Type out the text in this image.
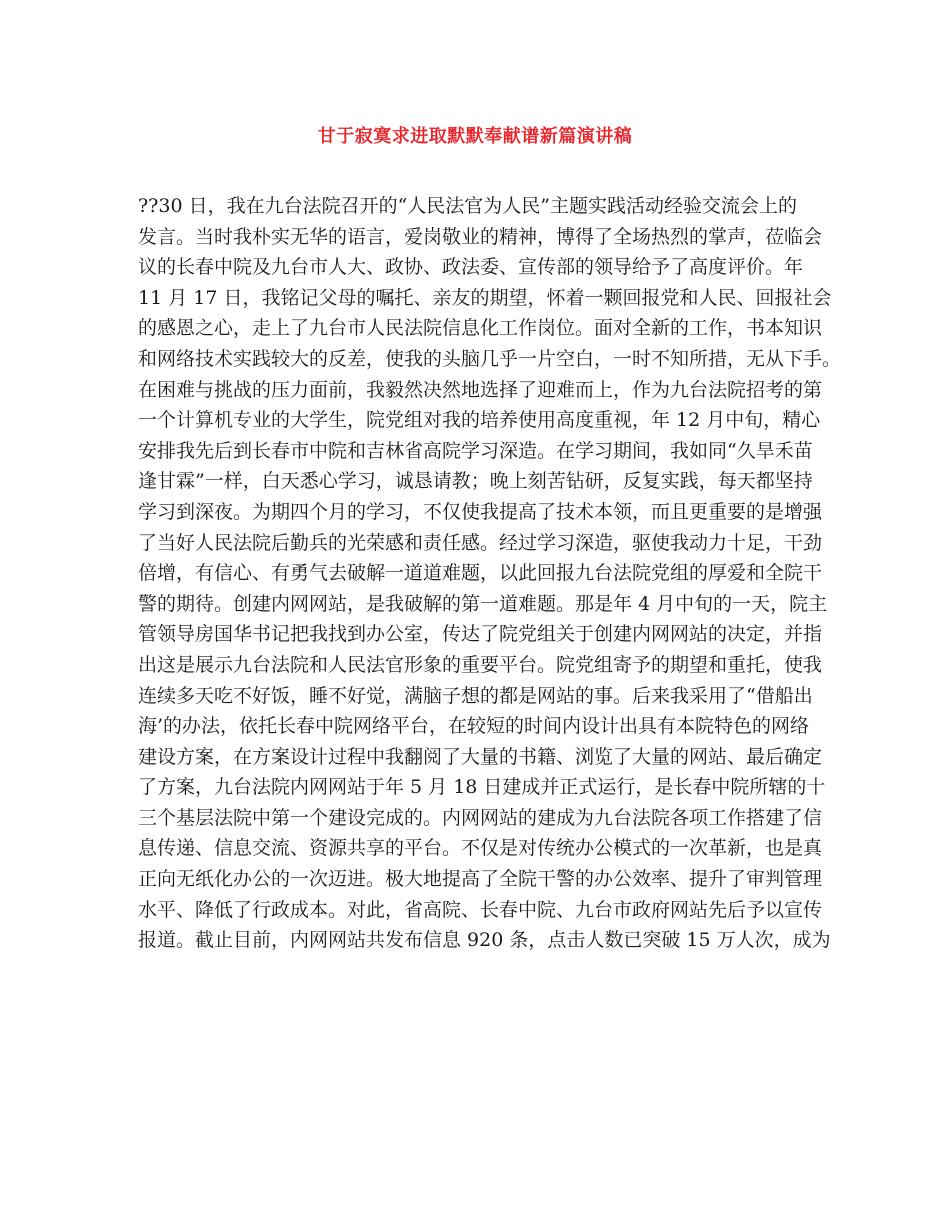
甘于寂寞求进取默默奉献谱新篇演讲稿
??30 日，我在九台法院召开的“人民法官为人民”主题实践活动经验交流会上的
发言。当时我朴实无华的语言，爱岗敬业的精神，博得了全场热烈的掌声，莅临会
议的长春中院及九台市人大、政协、政法委、宣传部的领导给予了高度评价。年
11 月 17 日，我铭记父母的嘱托、亲友的期望，怀着一颗回报党和人民、回报社会
的感恩之心，走上了九台市人民法院信息化工作岗位。面对全新的工作，书本知识
和网络技术实践较大的反差，使我的头脑几乎一片空白，一时不知所措，无从下手。
在困难与挑战的压力面前，我毅然决然地选择了迎难而上，作为九台法院招考的第
一个计算机专业的大学生，院党组对我的培养使用高度重视，年 12 月中旬，精心
安排我先后到长春市中院和吉林省高院学习深造。在学习期间，我如同“久旱禾苗
逢甘霖”一样，白天悉心学习，诚恳请教；晚上刻苦钻研，反复实践，每天都坚持
学习到深夜。为期四个月的学习，不仅使我提高了技术本领，而且更重要的是增强
了当好人民法院后勤兵的光荣感和责任感。经过学习深造，驱使我动力十足，干劲
倍增，有信心、有勇气去破解一道道难题，以此回报九台法院党组的厚爱和全院干
警的期待。创建内网网站，是我破解的第一道难题。那是年 4 月中旬的一天，院主
管领导房国华书记把我找到办公室，传达了院党组关于创建内网网站的决定，并指
出这是展示九台法院和人民法官形象的重要平台。院党组寄予的期望和重托，使我
连续多天吃不好饭，睡不好觉，满脑子想的都是网站的事。后来我采用了“借船出
海’的办法，依托长春中院网络平台，在较短的时间内设计出具有本院特色的网络
建设方案，在方案设计过程中我翻阅了大量的书籍、浏览了大量的网站、最后确定
了方案，九台法院内网网站于年 5 月 18 日建成并正式运行，是长春中院所辖的十
三个基层法院中第一个建设完成的。内网网站的建成为九台法院各项工作搭建了信
息传递、信息交流、资源共享的平台。不仅是对传统办公模式的一次革新，也是真
正向无纸化办公的一次迈进。极大地提高了全院干警的办公效率、提升了审判管理
水平、降低了行政成本。对此，省高院、长春中院、九台市政府网站先后予以宣传
报道。截止目前，内网网站共发布信息 920 条，点击人数已突破 15 万人次，成为
